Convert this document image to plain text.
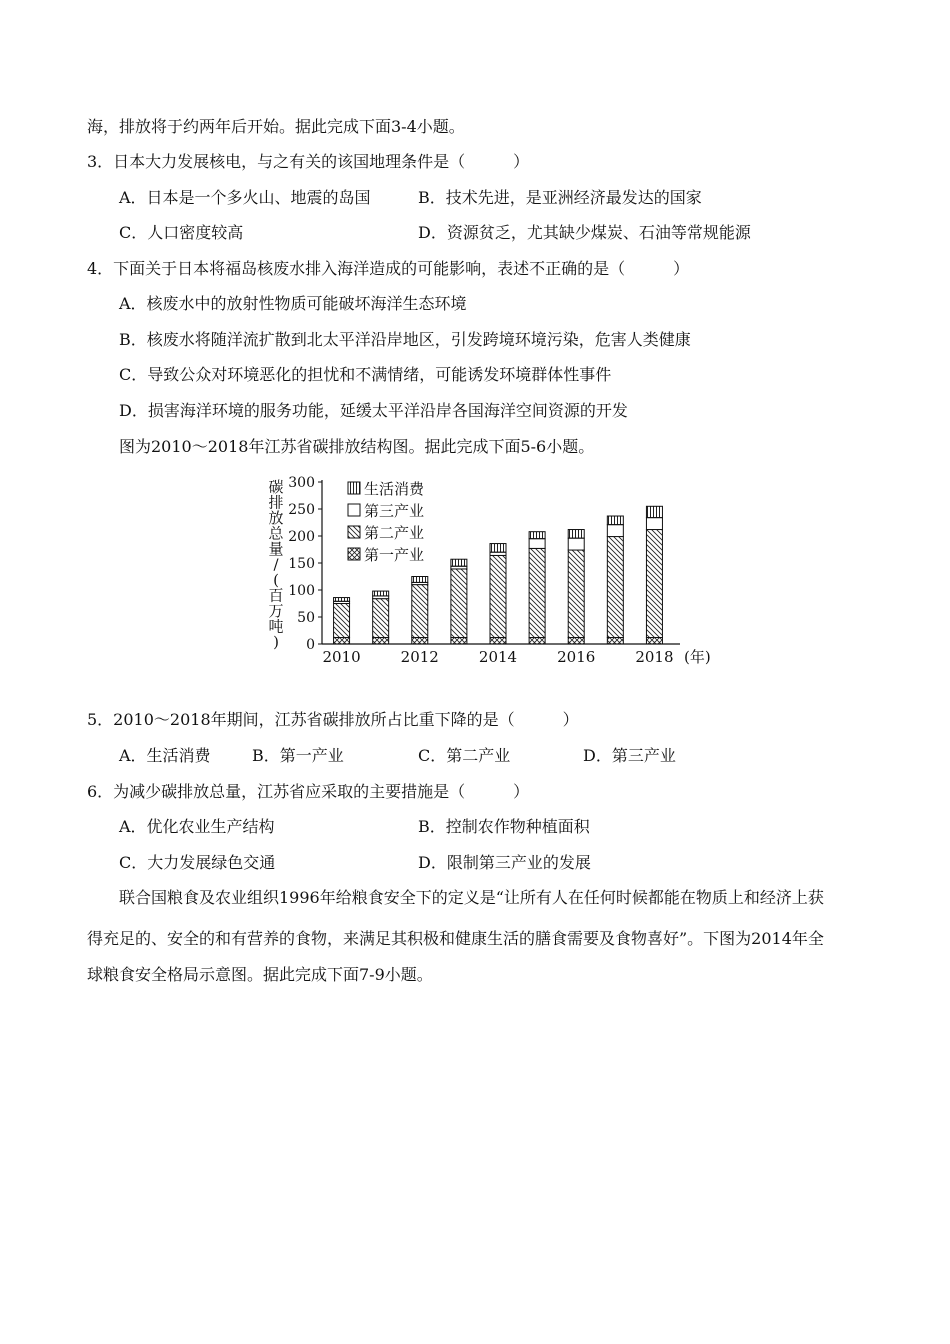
海，排放将于约两年后开始。据此完成下面3-4小题。
3．日本大力发展核电，与之有关的该国地理条件是（　　　）
A．日本是一个多火山、地震的岛国	B．技术先进，是亚洲经济最发达的国家
C．人口密度较高	D．资源贫乏，尤其缺少煤炭、石油等常规能源
4．下面关于日本将福岛核废水排入海洋造成的可能影响，表述不正确的是（　　　）
A．核废水中的放射性物质可能破坏海洋生态环境
B．核废水将随洋流扩散到北太平洋沿岸地区，引发跨境环境污染，危害人类健康
C．导致公众对环境恶化的担忧和不满情绪，可能诱发环境群体性事件
D．损害海洋环境的服务功能，延缓太平洋沿岸各国海洋空间资源的开发
图为2010～2018年江苏省碳排放结构图。据此完成下面5-6小题。
碳
排
放
总
量
/
(
百
万
吨
) 0
50
100
150
200
250
300
2010	2012	2014	2016	2018 (年)
生活消费
第三产业
第二产业
第一产业
5．2010～2018年期间，江苏省碳排放所占比重下降的是（　　　）
A．生活消费	B．第一产业	C．第二产业	D．第三产业
6．为减少碳排放总量，江苏省应采取的主要措施是（　　　）
A．优化农业生产结构	B．控制农作物种植面积
C．大力发展绿色交通	D．限制第三产业的发展
联合国粮食及农业组织1996年给粮食安全下的定义是“让所有人在任何时候都能在物质上和经济上获
得充足的、安全的和有营养的食物，来满足其积极和健康生活的膳食需要及食物喜好”。下图为2014年全
球粮食安全格局示意图。据此完成下面7-9小题。
